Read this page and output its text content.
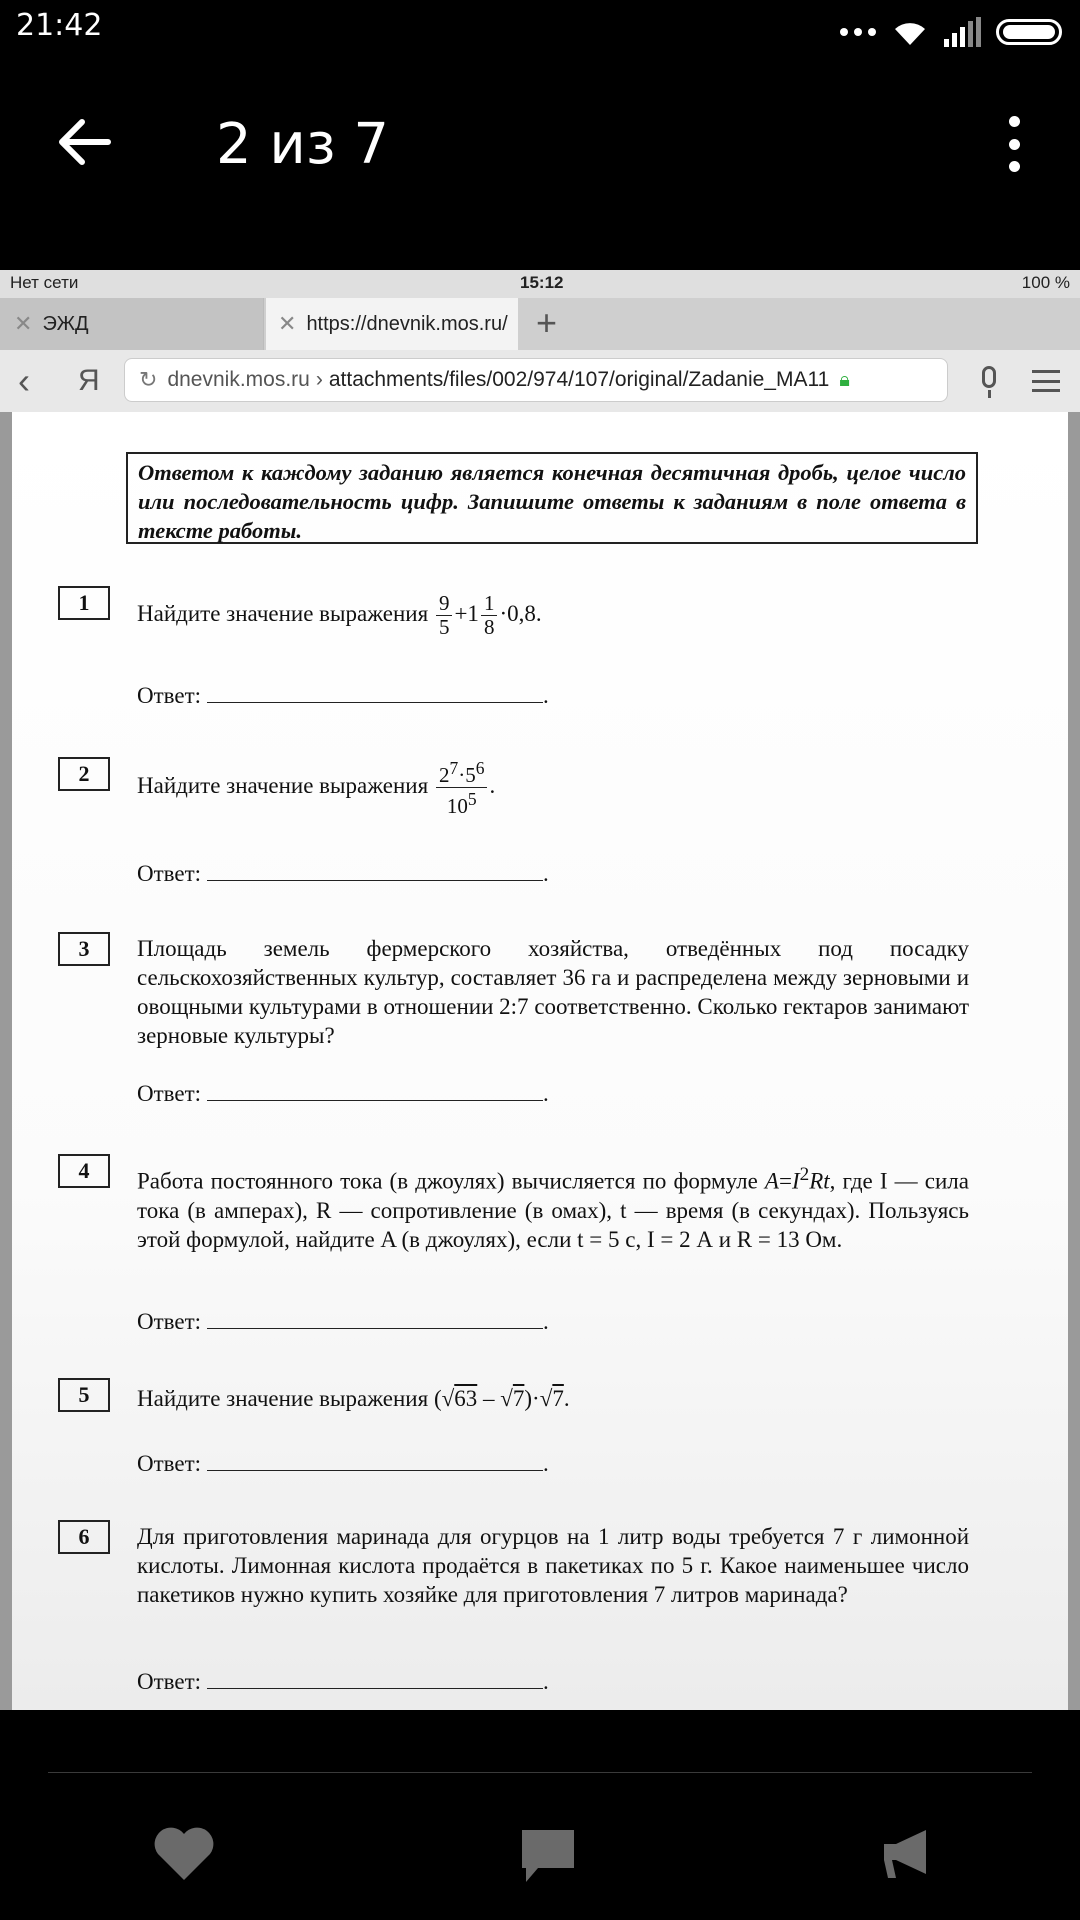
21:42
2 из 7
Нет сети	15:12	100 %
✕ ЭЖД	✕ https://dnevnik.mos.ru/ +
‹ Я ↻ dnevnik.mos.ru › attachments/files/002/974/107/original/Zadanie_MA11 🔒︎
Ответом к каждому заданию является конечная десятичная дробь, целое число или последовательность цифр. Запишите ответы к заданиям в поле ответа в тексте работы.
1	Найдите значение выражения $\frac{9}{5} +1 \frac{1}{8} \cdot 0,8$.
Ответ:	.
2	Найдите значение выражения $\frac{2^7\cdot 5^6}{10^5}$ .
Ответ:	.
3	Площадь земель фермерского хозяйства, отведённых под посадку сельскохозяйственных культур, составляет 36 га и распределена между зерновыми и овощными культурами в отношении 2:7 соответственно. Сколько гектаров занимают зерновые культуры?
Ответ:	.
4	Работа постоянного тока (в джоулях) вычисляется по формуле $A=I^2Rt$, где I — сила тока (в амперах), R — сопротивление (в омах), t — время (в секундах). Пользуясь этой формулой, найдите A (в джоулях), если t = 5 с, I = 2 А и R = 13 Ом.
Ответ:	.
5	Найдите значение выражения (√63 – √7)·√7.
Ответ:	.
6	Для приготовления маринада для огурцов на 1 литр воды требуется 7 г лимонной кислоты. Лимонная кислота продаётся в пакетиках по 5 г. Какое наименьшее число пакетиков нужно купить хозяйке для приготовления 7 литров маринада?
Ответ:	.
